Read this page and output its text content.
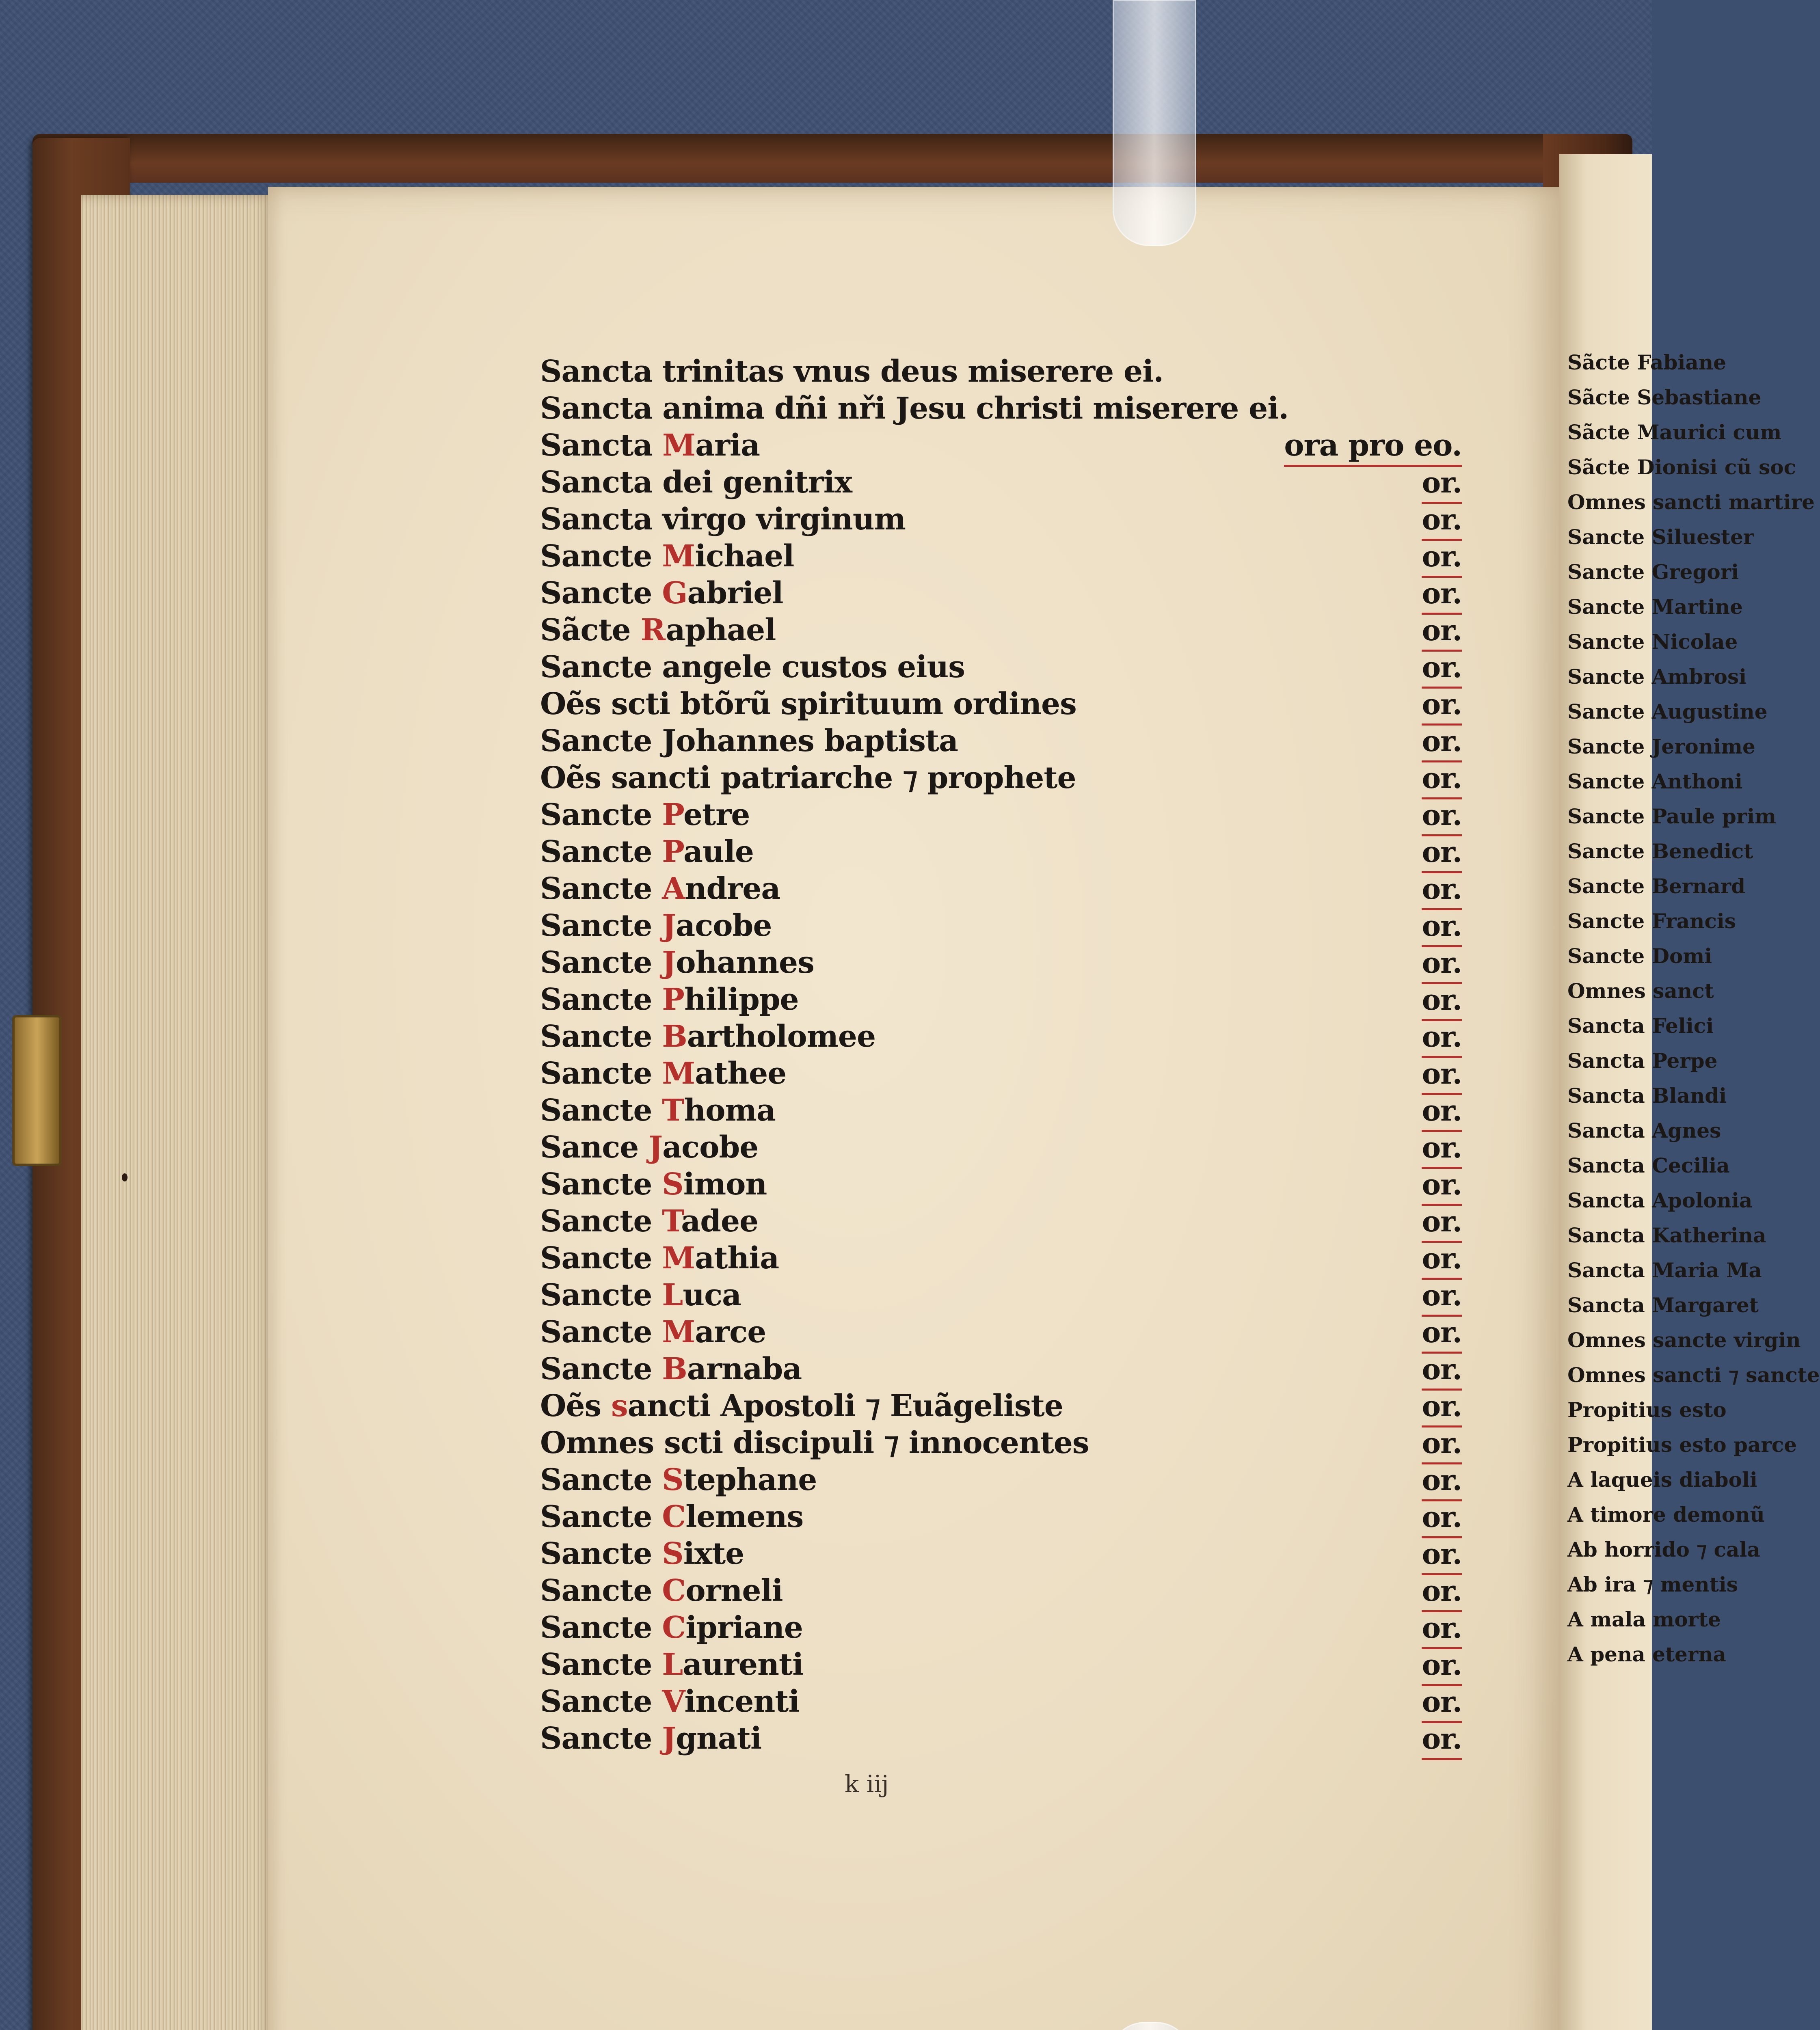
Sancta trinitas vnus deus miserere ei.
Sancta anima dñi nři Jesu christi miserere ei.
Sancta Maria	ora pro eo.
Sancta dei genitrix	or.
Sancta virgo virginum	or.
Sancte Michael	or.
Sancte Gabriel	or.
Sãcte Raphael	or.
Sancte angele custos eius	or.
Oẽs scti btõrũ spirituum ordines	or.
Sancte Johannes baptista	or.
Oẽs sancti patriarche ⁊ prophete	or.
Sancte Petre	or.
Sancte Paule	or.
Sancte Andrea	or.
Sancte Jacobe	or.
Sancte Johannes	or.
Sancte Philippe	or.
Sancte Bartholomee	or.
Sancte Mathee	or.
Sancte Thoma	or.
Sance Jacobe	or.
Sancte Simon	or.
Sancte Tadee	or.
Sancte Mathia	or.
Sancte Luca	or.
Sancte Marce	or.
Sancte Barnaba	or.
Oẽs sancti Apostoli ⁊ Euãgeliste	or.
Omnes scti discipuli ⁊ innocentes	or.
Sancte Stephane	or.
Sancte Clemens	or.
Sancte Sixte	or.
Sancte Corneli	or.
Sancte Cipriane	or.
Sancte Laurenti	or.
Sancte Vincenti	or.
Sancte Jgnati	or.
Sãcte Fabiane
Sãcte Sebastiane
Sãcte Maurici cum
Sãcte Dionisi cũ soc
Omnes sancti martire
Sancte Siluester
Sancte Gregori
Sancte Martine
Sancte Nicolae
Sancte Ambrosi
Sancte Augustine
Sancte Jeronime
Sancte Anthoni
Sancte Paule prim
Sancte Benedict
Sancte Bernard
Sancte Francis
Sancte Domi
Omnes sanct
Sancta Felici
Sancta Perpe
Sancta Blandi
Sancta Agnes
Sancta Cecilia
Sancta Apolonia
Sancta Katherina
Sancta Maria Ma
Sancta Margaret
Omnes sancte virgin
Omnes sancti ⁊ sancte
Propitius esto
Propitius esto parce
A laqueis diaboli
A timore demonũ
Ab horrido ⁊ cala
Ab ira ⁊ mentis
A mala morte
A pena eterna
k iij
